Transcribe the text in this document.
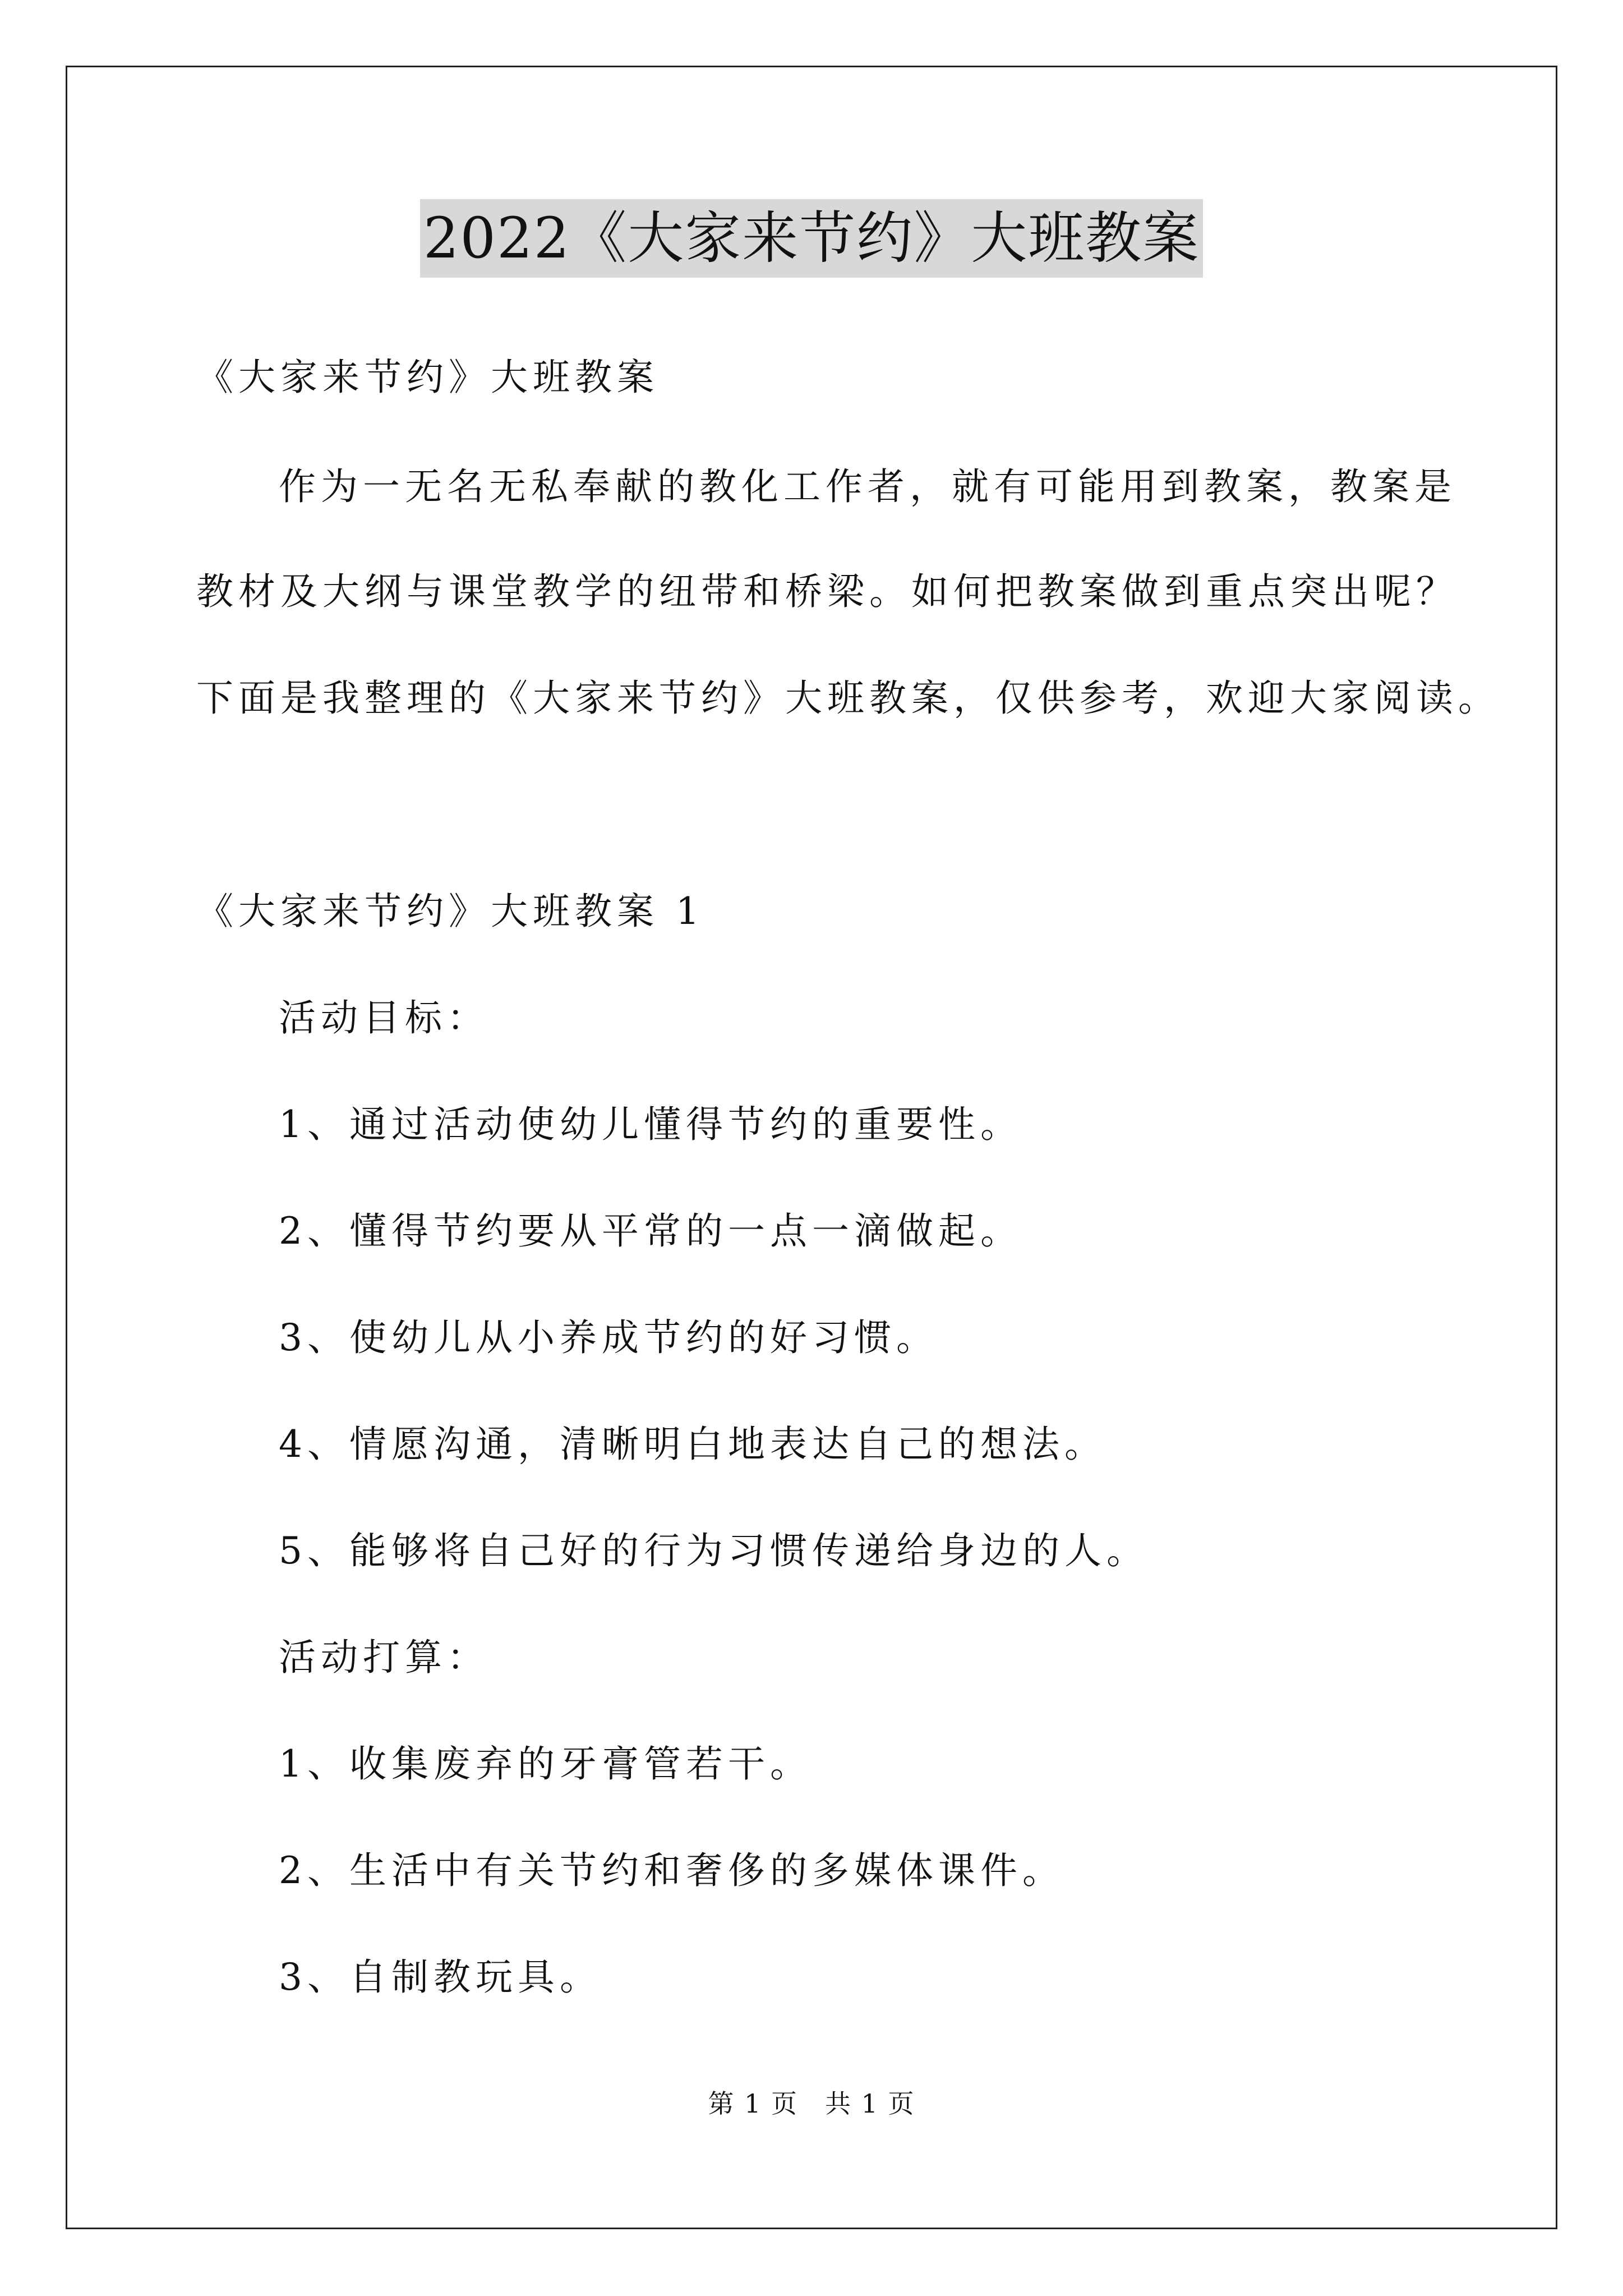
2022《大家来节约》大班教案
《大家来节约》大班教案
作为一无名无私奉献的教化工作者，就有可能用到教案，教案是
教材及大纲与课堂教学的纽带和桥梁。如何把教案做到重点突出呢？
下面是我整理的《大家来节约》大班教案，仅供参考，欢迎大家阅读。
《大家来节约》大班教案 1
活动目标：
1、通过活动使幼儿懂得节约的重要性。
2、懂得节约要从平常的一点一滴做起。
3、使幼儿从小养成节约的好习惯。
4、情愿沟通，清晰明白地表达自己的想法。
5、能够将自己好的行为习惯传递给身边的人。
活动打算：
1、收集废弃的牙膏管若干。
2、生活中有关节约和奢侈的多媒体课件。
3、自制教玩具。
第 1 页　共 1 页
